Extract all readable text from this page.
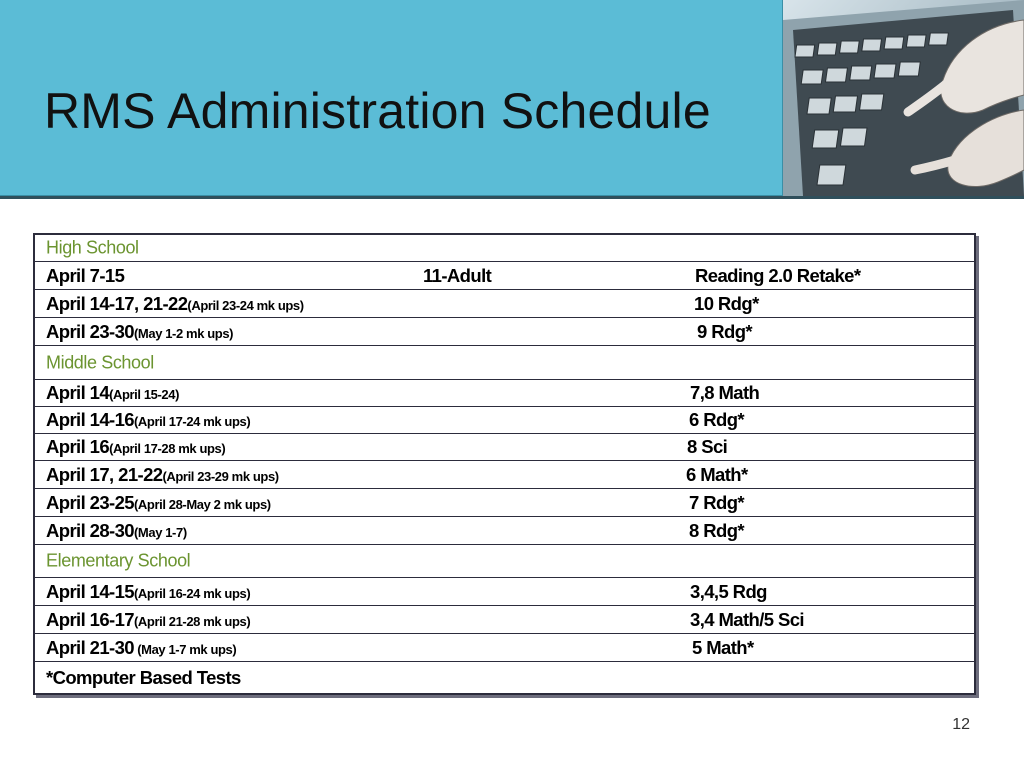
RMS Administration Schedule
High School
April 7-15	11-Adult	Reading 2.0 Retake*
April 14-17, 21-22(April 23-24 mk ups)	10 Rdg*
April 23-30(May 1-2 mk ups)	9 Rdg*
Middle School
April 14(April 15-24)	7,8 Math
April 14-16(April 17-24 mk ups)	6 Rdg*
April 16(April 17-28 mk ups)	8 Sci
April 17, 21-22(April 23-29 mk ups)	6 Math*
April 23-25(April 28-May 2 mk ups)	7 Rdg*
April 28-30(May 1-7)	8 Rdg*
Elementary School
April 14-15(April 16-24 mk ups)	3,4,5 Rdg
April 16-17(April 21-28 mk ups)	3,4 Math/5 Sci
April 21-30 (May 1-7 mk ups)	5 Math*
*Computer Based Tests
12
